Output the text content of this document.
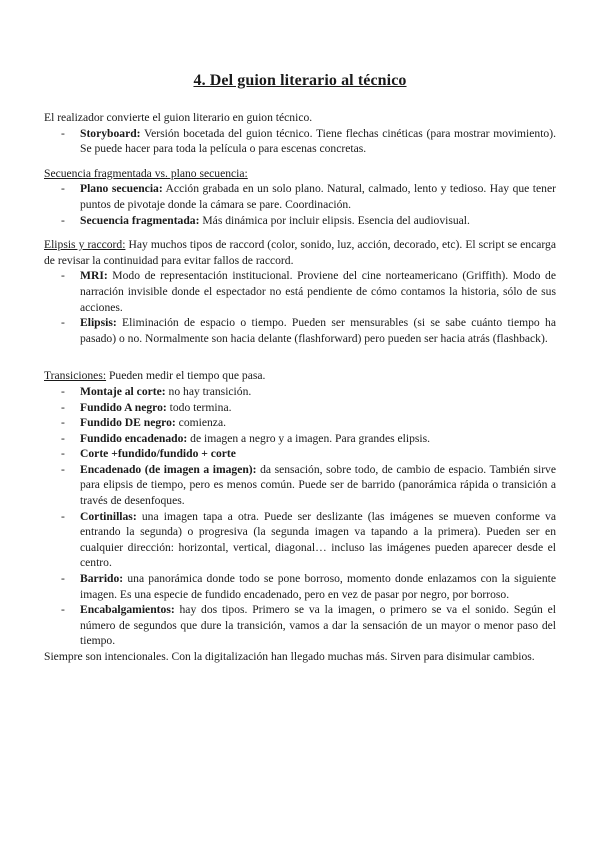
4. Del guion literario al técnico

El realizador convierte el guion literario en guion técnico.

- Storyboard: Versión bocetada del guion técnico. Tiene flechas cinéticas (para mostrar movimiento). Se puede hacer para toda la película o para escenas concretas.

Secuencia fragmentada vs. plano secuencia:

- Plano secuencia: Acción grabada en un solo plano. Natural, calmado, lento y tedioso. Hay que tener puntos de pivotaje donde la cámara se pare. Coordinación.
- Secuencia fragmentada: Más dinámica por incluir elipsis. Esencia del audiovisual.

Elipsis y raccord: Hay muchos tipos de raccord (color, sonido, luz, acción, decorado, etc). El script se encarga de revisar la continuidad para evitar fallos de raccord.

- MRI: Modo de representación institucional. Proviene del cine norteamericano (Griffith). Modo de narración invisible donde el espectador no está pendiente de cómo contamos la historia, sólo de sus acciones.
- Elipsis: Eliminación de espacio o tiempo. Pueden ser mensurables (si se sabe cuánto tiempo ha pasado) o no. Normalmente son hacia delante (flashforward) pero pueden ser hacia atrás (flashback).

Transiciones: Pueden medir el tiempo que pasa.

- Montaje al corte: no hay transición.
- Fundido A negro: todo termina.
- Fundido DE negro: comienza.
- Fundido encadenado: de imagen a negro y a imagen. Para grandes elipsis.
- Corte +fundido/fundido + corte
- Encadenado (de imagen a imagen): da sensación, sobre todo, de cambio de espacio. También sirve para elipsis de tiempo, pero es menos común. Puede ser de barrido (panorámica rápida o transición a través de desenfoques.
- Cortinillas: una imagen tapa a otra. Puede ser deslizante (las imágenes se mueven conforme va entrando la segunda) o progresiva (la segunda imagen va tapando a la primera). Pueden ser en cualquier dirección: horizontal, vertical, diagonal… incluso las imágenes pueden aparecer desde el centro.
- Barrido: una panorámica donde todo se pone borroso, momento donde enlazamos con la siguiente imagen. Es una especie de fundido encadenado, pero en vez de pasar por negro, por borroso.
- Encabalgamientos: hay dos tipos. Primero se va la imagen, o primero se va el sonido. Según el número de segundos que dure la transición, vamos a dar la sensación de un mayor o menor paso del tiempo.

Siempre son intencionales. Con la digitalización han llegado muchas más. Sirven para disimular cambios.
